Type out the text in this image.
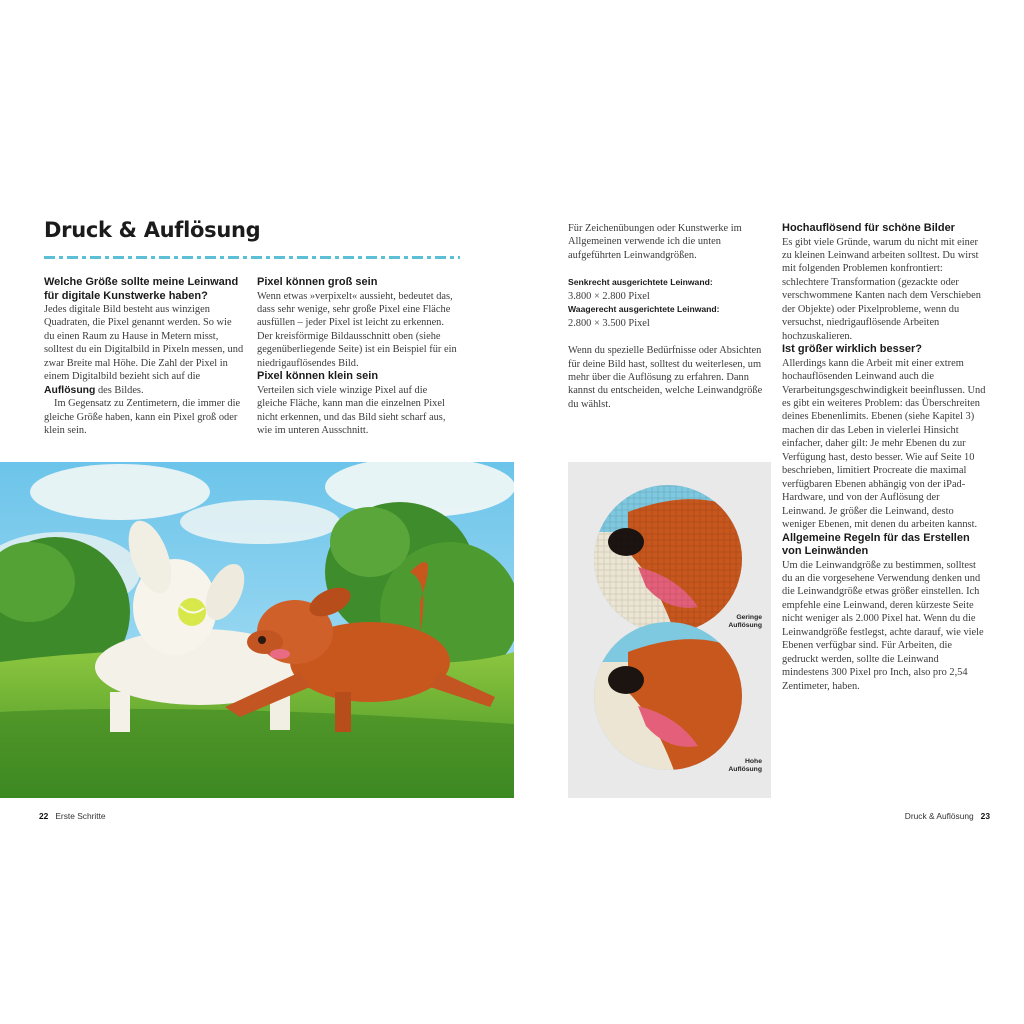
Druck & Auflösung

Welche Größe sollte meine Leinwand für digitale Kunstwerke haben?

Jedes digitale Bild besteht aus winzigen Quadraten, die Pixel genannt werden. So wie du einen Raum zu Hause in Metern misst, solltest du ein Digitalbild in Pixeln messen, und zwar Breite mal Höhe. Die Zahl der Pixel in einem Digitalbild bezieht sich auf die Auflösung des Bildes.

Im Gegensatz zu Zentimetern, die immer die gleiche Größe haben, kann ein Pixel groß oder klein sein.

Pixel können groß sein

Wenn etwas »verpixelt« aussieht, bedeutet das, dass sehr wenige, sehr große Pixel eine Fläche ausfüllen – jeder Pixel ist leicht zu erkennen. Der kreisförmige Bildausschnitt oben (siehe gegenüberliegende Seite) ist ein Beispiel für ein niedrigauflösendes Bild.

Pixel können klein sein

Verteilen sich viele winzige Pixel auf die gleiche Fläche, kann man die einzelnen Pixel nicht erkennen, und das Bild sieht scharf aus, wie im unteren Ausschnitt.

Für Zeichenübungen oder Kunstwerke im Allgemeinen verwende ich die unten aufgeführten Leinwandgrößen.

Senkrecht ausgerichtete Leinwand:

3.800 × 2.800 Pixel

Waagerecht ausgerichtete Leinwand:

2.800 × 3.500 Pixel

Wenn du spezielle Bedürfnisse oder Absichten für deine Bild hast, solltest du weiterlesen, um mehr über die Auflösung zu erfahren. Dann kannst du entscheiden, welche Leinwandgröße du wählst.

Hochauflösend für schöne Bilder

Es gibt viele Gründe, warum du nicht mit einer zu kleinen Leinwand arbeiten solltest. Du wirst mit folgenden Problemen konfrontiert: schlechtere Transformation (gezackte oder verschwommene Kanten nach dem Verschieben der Objekte) oder Pixelprobleme, wenn du versuchst, niedrigauflösende Arbeiten hochzuskalieren.

Ist größer wirklich besser?

Allerdings kann die Arbeit mit einer extrem hochauflösenden Leinwand auch die Verarbeitungsgeschwindigkeit beeinflussen. Und es gibt ein weiteres Problem: das Überschreiten deines Ebenenlimits. Ebenen (siehe Kapitel 3) machen dir das Leben in vielerlei Hinsicht einfacher, daher gilt: Je mehr Ebenen du zur Verfügung hast, desto besser. Wie auf Seite 10 beschrieben, limitiert Procreate die maximal verfügbaren Ebenen abhängig von der iPad-Hardware, und von der Auflösung der Leinwand. Je größer die Leinwand, desto weniger Ebenen, mit denen du arbeiten kannst.

Allgemeine Regeln für das Erstellen von Leinwänden

Um die Leinwandgröße zu bestimmen, solltest du an die vorgesehene Verwendung denken und die Leinwandgröße etwas größer einstellen. Ich empfehle eine Leinwand, deren kürzeste Seite nicht weniger als 2.000 Pixel hat. Wenn du die Leinwandgröße festlegst, achte darauf, wie viele Ebenen verfügbar sind. Für Arbeiten, die gedruckt werden, sollte die Leinwand mindestens 300 Pixel pro Inch, also pro 2,54 Zentimeter, haben.

Geringe
Auflösung
Hohe
Auflösung
22 Erste Schritte	Druck & Auflösung 23
